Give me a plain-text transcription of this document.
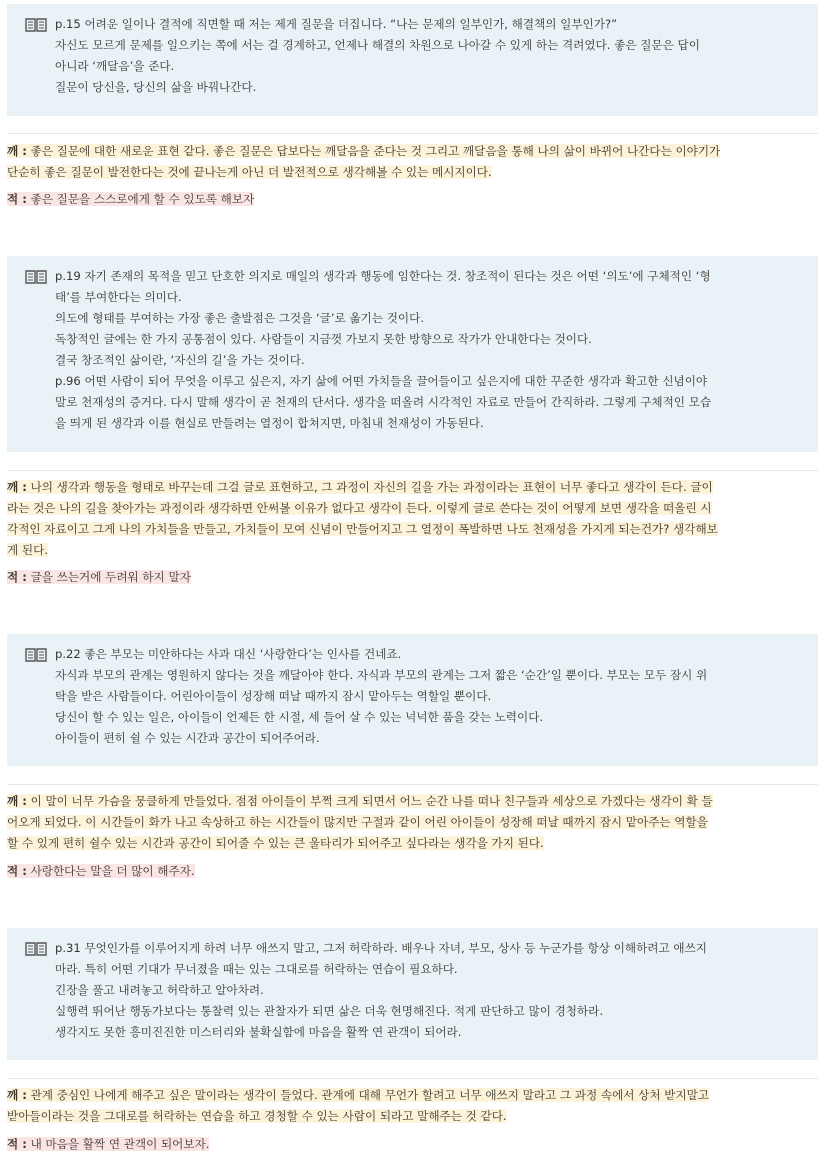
p.15 어려운 일이나 결적에 직면할 때 저는 제게 질문을 더집니다. “나는 문제의 일부인가, 해결책의 일부인가?”

자신도 모르게 문제를 일으키는 쪽에 서는 걸 경계하고, 언제나 해결의 차원으로 나아갈 수 있게 하는 격려였다. 좋은 질문은 답이

아니라 ‘깨달음’을 준다.

질문이 당신을, 당신의 삶을 바꿔나간다.

깨 : 좋은 질문에 대한 새로운 표현 같다. 좋은 질문은 답보다는 깨달음을 준다는 것 그리고 깨달음을 통해 나의 삶이 바뀌어 나간다는 이야기가

단순히 좋은 질문이 발전한다는 것에 끝나는게 아닌 더 발전적으로 생각해볼 수 있는 메시지이다.

적 : 좋은 질문을 스스로에게 할 수 있도록 해보자

p.19 자기 존재의 목적을 믿고 단호한 의지로 매일의 생각과 행동에 임한다는 것. 창조적이 된다는 것은 어떤 ‘의도’에 구체적인 ‘형

태’를 부여한다는 의미다.

의도에 형태를 부여하는 가장 좋은 출발점은 그것을 ‘글’로 옮기는 것이다.

독창적인 글에는 한 가지 공통점이 있다. 사람들이 지금껏 가보지 못한 방향으로 작가가 안내한다는 것이다.

결국 창조적인 삶이란, ‘자신의 길’을 가는 것이다.

p.96 어떤 사람이 되어 무엇을 이루고 싶은지, 자기 삶에 어떤 가치들을 끌어들이고 싶은지에 대한 꾸준한 생각과 확고한 신념이야

말로 천재성의 증거다. 다시 말해 생각이 곧 천재의 단서다. 생각을 떠올려 시각적인 자료로 만들어 간직하라. 그렇게 구체적인 모습

을 띄게 된 생각과 이를 현실로 만들려는 열정이 합쳐지면, 마침내 천재성이 가동된다.

깨 : 나의 생각과 행동을 형태로 바꾸는데 그걸 글로 표현하고, 그 과정이 자신의 길을 가는 과정이라는 표현이 너무 좋다고 생각이 든다. 글이

라는 것은 나의 길을 찾아가는 과정이라 생각하면 안써볼 이유가 없다고 생각이 든다. 이렇게 글로 쓴다는 것이 어떻게 보면 생각을 떠올린 시

각적인 자료이고 그게 나의 가치들을 만들고, 가치들이 모여 신념이 만들어지고 그 열정이 폭발하면 나도 천재성을 가지게 되는건가? 생각해보

게 된다.

적 : 글을 쓰는거에 두려워 하지 말자

p.22 좋은 부모는 미안하다는 사과 대신 ‘사랑한다’는 인사를 건네죠.

자식과 부모의 관계는 영원하지 않다는 것을 깨달아야 한다. 자식과 부모의 관계는 그저 짧은 ‘순간’일 뿐이다. 부모는 모두 잠시 위

탁을 받은 사람들이다. 어린아이들이 성장해 떠날 때까지 잠시 맡아두는 역할일 뿐이다.

당신이 할 수 있는 일은, 아이들이 언제든 한 시절, 세 들어 살 수 있는 넉넉한 품을 갖는 노력이다.

아이들이 편히 쉴 수 있는 시간과 공간이 되어주어라.

깨 : 이 말이 너무 가슴을 뭉클하게 만들었다. 점점 아이들이 부쩍 크게 되면서 어느 순간 나를 떠나 친구들과 세상으로 가겠다는 생각이 확 들

어오게 되었다. 이 시간들이 화가 나고 속상하고 하는 시간들이 많지만 구절과 같이 어린 아이들이 성장해 떠날 때까지 잠시 맡아주는 역할을

할 수 있게 편히 쉴수 있는 시간과 공간이 되어줄 수 있는 큰 울타리가 되어주고 싶다라는 생각을 가지 된다.

적 : 사랑한다는 말을 더 많이 해주자.

p.31 무엇인가를 이루어지게 하려 너무 애쓰지 말고, 그저 허락하라. 배우나 자녀, 부모, 상사 등 누군가를 항상 이해하려고 애쓰지

마라. 특히 어떤 기대가 무너졌을 때는 있는 그대로를 허락하는 연습이 필요하다.

긴장을 풀고 내려놓고 허락하고 알아차려.

실행력 뛰어난 행동가보다는 통찰력 있는 관찰자가 되면 삶은 더욱 현명해진다. 적게 판단하고 많이 경청하라.

생각지도 못한 흥미진진한 미스터리와 불확실함에 마음을 활짝 연 관객이 되어라.

깨 : 관계 중심인 나에게 해주고 싶은 말이라는 생각이 들었다. 관계에 대해 무언가 할려고 너무 애쓰지 말라고 그 과정 속에서 상처 받지말고

받아들이라는 것을 그대로를 허락하는 연습을 하고 경청할 수 있는 사람이 되라고 말해주는 것 같다.

적 : 내 마음을 활짝 연 관객이 되어보자.
